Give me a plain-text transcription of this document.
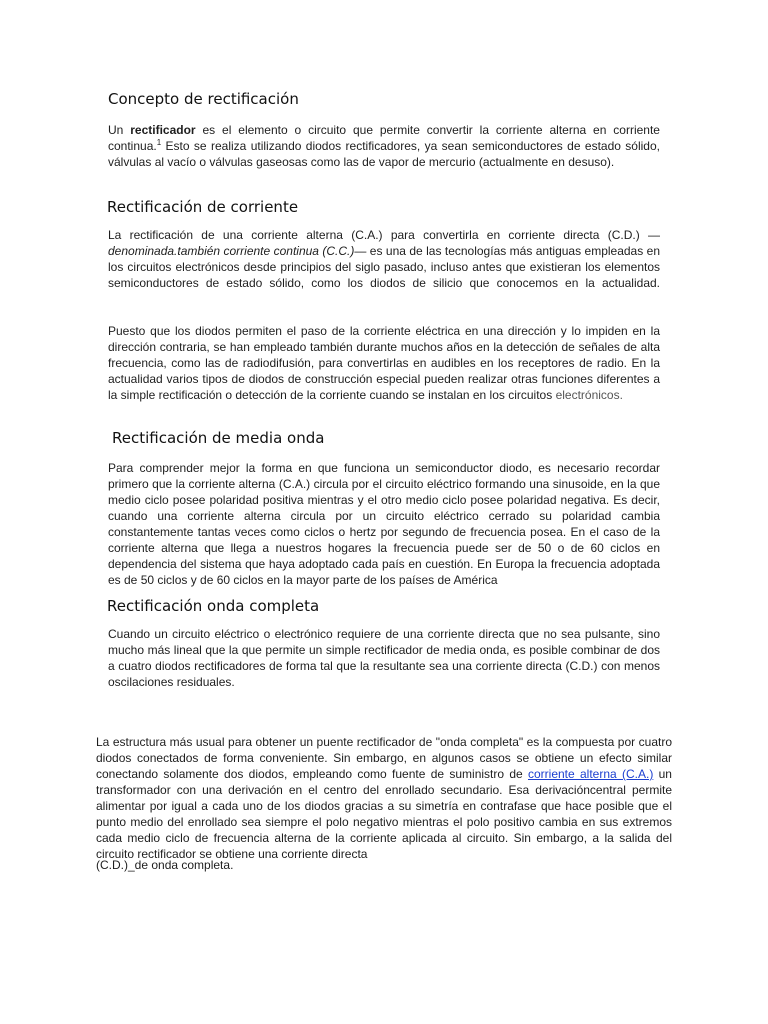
Concepto de rectificación

Un rectificador es el elemento o circuito que permite convertir la corriente alterna en corriente continua.$^1$ Esto se realiza utilizando diodos rectificadores, ya sean semiconductores de estado sólido, válvulas al vacío o válvulas gaseosas como las de vapor de mercurio (actualmente en desuso).

Rectificación de corriente

La rectificación de una corriente alterna (C.A.) para convertirla en corriente directa (C.D.) — denominada.también corriente continua (C.C.)— es una de las tecnologías más antiguas empleadas en los circuitos electrónicos desde principios del siglo pasado, incluso antes que existieran los elementos semiconductores de estado sólido, como los diodos de silicio que conocemos en la actualidad.

Puesto que los diodos permiten el paso de la corriente eléctrica en una dirección y lo impiden en la dirección contraria, se han empleado también durante muchos años en la detección de señales de alta frecuencia, como las de radiodifusión, para convertirlas en audibles en los receptores de radio. En la actualidad varios tipos de diodos de construcción especial pueden realizar otras funciones diferentes a la simple rectificación o detección de la corriente cuando se instalan en los circuitos electrónicos.

Rectificación de media onda

Para comprender mejor la forma en que funciona un semiconductor diodo, es necesario recordar primero que la corriente alterna (C.A.) circula por el circuito eléctrico formando una sinusoide, en la que medio ciclo posee polaridad positiva mientras y el otro medio ciclo posee polaridad negativa. Es decir, cuando una corriente alterna circula por un circuito eléctrico cerrado su polaridad cambia constantemente tantas veces como ciclos o hertz por segundo de frecuencia posea. En el caso de la corriente alterna que llega a nuestros hogares la frecuencia puede ser de 50 o de 60 ciclos en dependencia del sistema que haya adoptado cada país en cuestión. En Europa la frecuencia adoptada es de 50 ciclos y de 60 ciclos en la mayor parte de los países de América

Rectificación onda completa

Cuando un circuito eléctrico o electrónico requiere de una corriente directa que no sea pulsante, sino mucho más lineal que la que permite un simple rectificador de media onda, es posible combinar de dos a cuatro diodos rectificadores de forma tal que la resultante sea una corriente directa (C.D.) con menos oscilaciones residuales.

La estructura más usual para obtener un puente rectificador de "onda completa" es la compuesta por cuatro diodos conectados de forma conveniente. Sin embargo, en algunos casos se obtiene un efecto similar conectando solamente dos diodos, empleando como fuente de suministro de corriente alterna (C.A.) un transformador con una derivación en el centro del enrollado secundario. Esa derivacióncentral permite alimentar por igual a cada uno de los diodos gracias a su simetría en contrafase que hace posible que el punto medio del enrollado sea siempre el polo negativo mientras el polo positivo cambia en sus extremos cada medio ciclo de frecuencia alterna de la corriente aplicada al circuito. Sin embargo, a la salida del circuito rectificador se obtiene una corriente directa

(C.D.)_de onda completa.
